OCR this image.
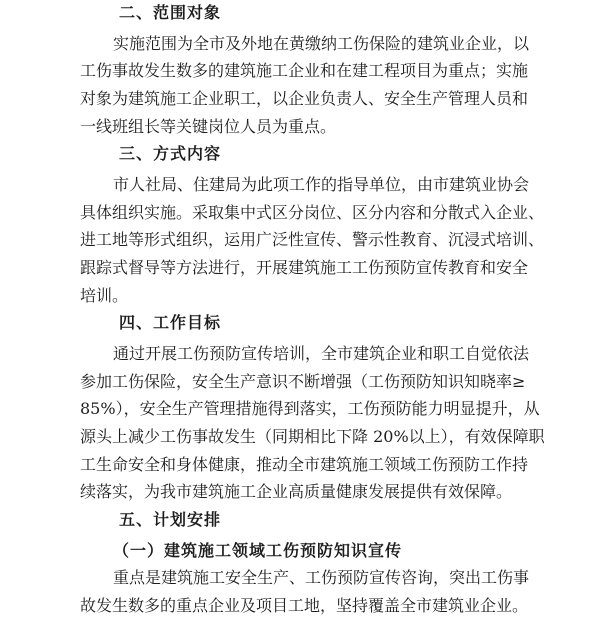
二、范围对象
实施范围为全市及外地在黄缴纳工伤保险的建筑业企业，以
工伤事故发生数多的建筑施工企业和在建工程项目为重点；实施
对象为建筑施工企业职工，以企业负责人、安全生产管理人员和
一线班组长等关键岗位人员为重点。
三、方式内容
市人社局、住建局为此项工作的指导单位，由市建筑业协会
具体组织实施。采取集中式区分岗位、区分内容和分散式入企业、
进工地等形式组织，运用广泛性宣传、警示性教育、沉浸式培训、
跟踪式督导等方法进行，开展建筑施工工伤预防宣传教育和安全
培训。
四、工作目标
通过开展工伤预防宣传培训，全市建筑企业和职工自觉依法
参加工伤保险，安全生产意识不断增强（工伤预防知识知晓率≥
85%），安全生产管理措施得到落实，工伤预防能力明显提升，从
源头上减少工伤事故发生（同期相比下降 20%以上），有效保障职
工生命安全和身体健康，推动全市建筑施工领域工伤预防工作持
续落实，为我市建筑施工企业高质量健康发展提供有效保障。
五、计划安排
（一）建筑施工领域工伤预防知识宣传
重点是建筑施工安全生产、工伤预防宣传咨询，突出工伤事
故发生数多的重点企业及项目工地，坚持覆盖全市建筑业企业。
